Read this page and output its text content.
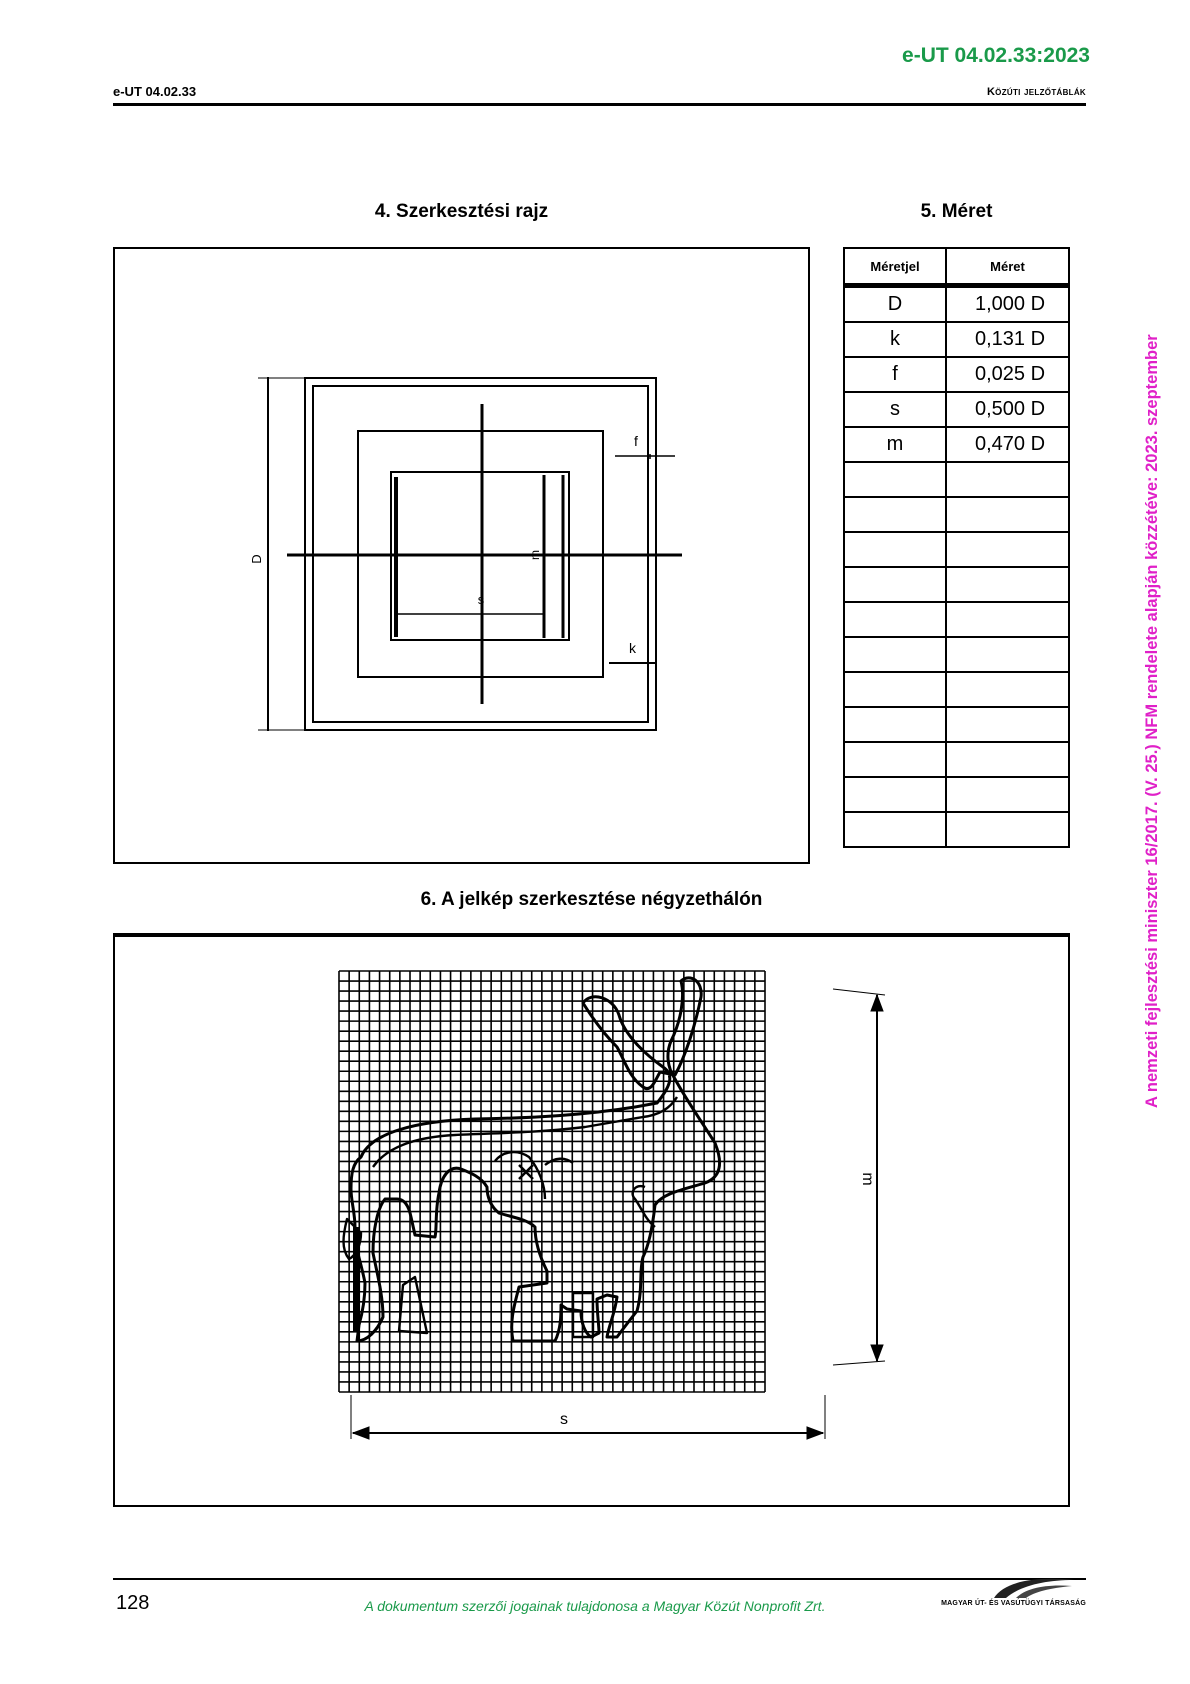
e-UT 04.02.33:2023
e-UT 04.02.33	Közúti jelzőtáblák
4. Szerkesztési rajz	5. Méret
D
f
k
s
m
Méretjel	Méret
D	1,000 D
k	0,131 D
f	0,025 D
s	0,500 D
m	0,470 D

6. A jelkép szerkesztése négyzethálón
m
s
A nemzeti fejlesztési miniszter 16/2017. (V. 25.) NFM rendelete alapján közzétéve: 2023. szeptember
128	A dokumentum szerzői jogainak tulajdonosa a Magyar Közút Nonprofit Zrt.	MAGYAR ÚT- ÉS VASÚTÜGYI TÁRSASÁG
